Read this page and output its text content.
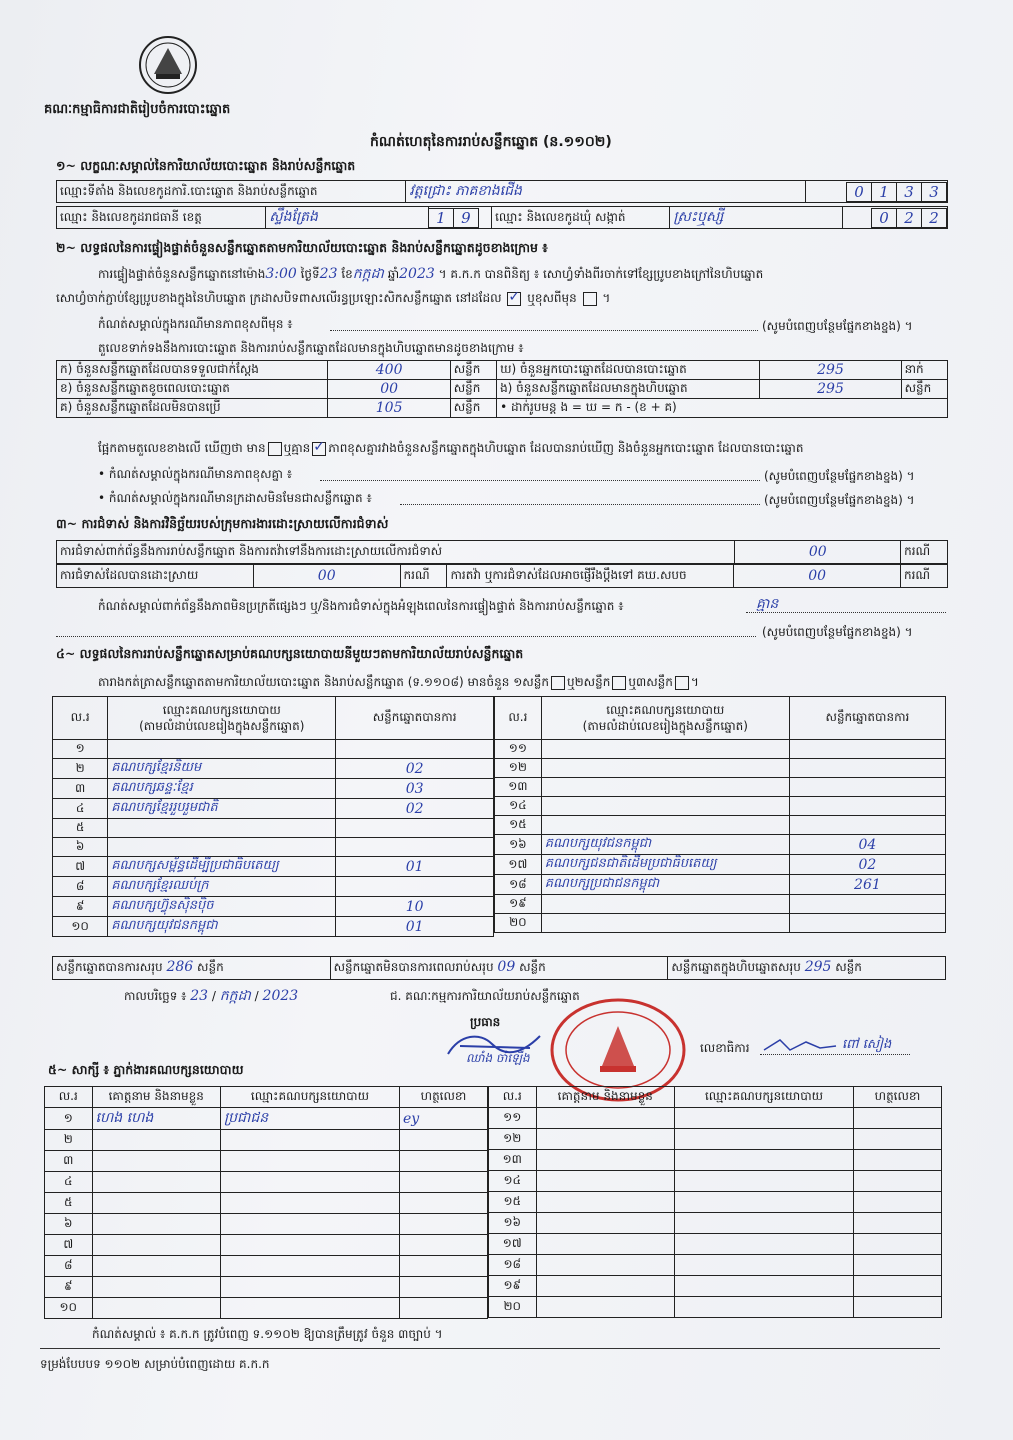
គណៈកម្មាធិការជាតិរៀបចំការបោះឆ្នោត
កំណត់ហេតុនៃការរាប់សន្លឹកឆ្នោត (ន.១១០២)
១~ លក្ខណៈសម្គាល់នៃការិយាល័យបោះឆ្នោត និងរាប់សន្លឹកឆ្នោត
ឈ្មោះទីតាំង និងលេខកូដការិ.បោះឆ្នោត និងរាប់សន្លឹកឆ្នោត	វត្តជ្រោះ ភាគខាងជើង	0 1 3 3
ឈ្មោះ និងលេខកូដរាជធានី ខេត្ត	ស្ទឹងត្រែង	1 9	ឈ្មោះ និងលេខកូដឃុំ សង្កាត់	ស្រះឬស្សី	0 2 2
២~ លទ្ធផលនៃការផ្ទៀងផ្ទាត់ចំនួនសន្លឹកឆ្នោតតាមការិយាល័យបោះឆ្នោត និងរាប់សន្លឹកឆ្នោតដូចខាងក្រោម ៖
ការផ្ទៀងផ្ទាត់ចំនួនសន្លឹកឆ្នោតនៅម៉ោង3:00 ថ្ងៃទី23 ខែកក្កដា ឆ្នាំ2023 ។ គ.ក.ក បានពិនិត្យ ៖ សោហ្វំទាំងពីរចាក់ទៅខ្សែប្រូបខាងក្រៅនៃហិបឆ្នោត
សោហ្វំចាក់ភ្ជាប់ខ្សែប្រូបខាងក្នុងនៃហិបឆ្នោត ក្រដាសបិទពាសលើរន្ធប្រឡោះសិកសន្លឹកឆ្នោត នៅដដែល ✓ ឬខុសពីមុន ។
កំណត់សម្គាល់ក្នុងករណីមានភាពខុសពីមុន ៖	(សូមបំពេញបន្ថែមផ្នែកខាងខ្នង) ។
តួលេខទាក់ទងនឹងការបោះឆ្នោត និងការរាប់សន្លឹកឆ្នោតដែលមានក្នុងហិបឆ្នោតមានដូចខាងក្រោម ៖
ក) ចំនួនសន្លឹកឆ្នោតដែលបានទទួលជាក់ស្តែង	400	សន្លឹក	ឃ) ចំនួនអ្នកបោះឆ្នោតដែលបានបោះឆ្នោត	295	នាក់
ខ) ចំនួនសន្លឹកឆ្នោតខូចពេលបោះឆ្នោត	00	សន្លឹក	ង) ចំនួនសន្លឹកឆ្នោតដែលមានក្នុងហិបឆ្នោត	295	សន្លឹក
គ) ចំនួនសន្លឹកឆ្នោតដែលមិនបានប្រើ	105	សន្លឹក	• ដាក់រូបមន្ត ង = ឃ = ក - (ខ + គ)		
ផ្អែកតាមតួលេខខាងលើ ឃើញថា មាន ឬគ្មាន ✓ ភាពខុសគ្នារវាងចំនួនសន្លឹកឆ្នោតក្នុងហិបឆ្នោត ដែលបានរាប់ឃើញ និងចំនួនអ្នកបោះឆ្នោត ដែលបានបោះឆ្នោត
• កំណត់សម្គាល់ក្នុងករណីមានភាពខុសគ្នា ៖	(សូមបំពេញបន្ថែមផ្នែកខាងខ្នង) ។
• កំណត់សម្គាល់ក្នុងករណីមានក្រដាសមិនមែនជាសន្លឹកឆ្នោត ៖	(សូមបំពេញបន្ថែមផ្នែកខាងខ្នង) ។
៣~ ការជំទាស់ និងការវិនិច្ឆ័យរបស់ក្រុមការងារដោះស្រាយលើការជំទាស់
ការជំទាស់ពាក់ព័ន្ធនឹងការរាប់សន្លឹកឆ្នោត និងការតវ៉ាទៅនឹងការដោះស្រាយលើការជំទាស់	00	ករណី
ការជំទាស់ដែលបានដោះស្រាយ	00	ករណី	ការតវ៉ា ឬការជំទាស់ដែលអាចផ្ញើរឹងប្តឹងទៅ គឃ.សបច	00	ករណី
កំណត់សម្គាល់ពាក់ព័ន្ធនឹងភាពមិនប្រក្រតីផ្សេងៗ ឬ/និងការជំទាស់ក្នុងអំឡុងពេលនៃការផ្ទៀងផ្ទាត់ និងការរាប់សន្លឹកឆ្នោត ៖	គ្មាន
(សូមបំពេញបន្ថែមផ្នែកខាងខ្នង) ។
៤~ លទ្ធផលនៃការរាប់សន្លឹកឆ្នោតសម្រាប់គណបក្សនយោបាយនីមួយៗតាមការិយាល័យរាប់សន្លឹកឆ្នោត
តារាងកត់ត្រាសន្លឹកឆ្នោតតាមការិយាល័យបោះឆ្នោត និងរាប់សន្លឹកឆ្នោត (ទ.១១០៨) មានចំនួន ១សន្លឹក ឬ២សន្លឹក ឬ៣សន្លឹក ។
ល.រ	ឈ្មោះគណបក្សនយោបាយ
(តាមលំដាប់លេខរៀងក្នុងសន្លឹកឆ្នោត)	សន្លឹកឆ្នោតបានការ
១		
២	គណបក្សខ្មែរនិយម	02
៣	គណបក្សឆន្ទៈខ្មែរ	03
៤	គណបក្សខ្មែររួបរួមជាតិ	02
៥		
៦		
៧	គណបក្សសម្ព័ន្ធដើម្បីប្រជាធិបតេយ្យ	01
៨	គណបក្សខ្មែរឈប់ក្រ	
៩	គណបក្សហ៊្វុនស៊ិនប៉ិច	10
១០	គណបក្សយុវជនកម្ពុជា	01
ល.រ	ឈ្មោះគណបក្សនយោបាយ
(តាមលំដាប់លេខរៀងក្នុងសន្លឹកឆ្នោត)	សន្លឹកឆ្នោតបានការ
១១		
១២		
១៣		
១៤		
១៥		
១៦	គណបក្សយុវជនកម្ពុជា	04
១៧	គណបក្សជនជាតិដើមប្រជាធិបតេយ្យ	02
១៨	គណបក្សប្រជាជនកម្ពុជា	261
១៩		
២០		
សន្លឹកឆ្នោតបានការសរុប 286 សន្លឹក	សន្លឹកឆ្នោតមិនបានការពេលរាប់សរុប 09 សន្លឹក	សន្លឹកឆ្នោតក្នុងហិបឆ្នោតសរុប 295 សន្លឹក
កាលបរិច្ឆេទ ៖ 23 / កក្កដា / 2023	ជ. គណៈកម្មការការិយាល័យរាប់សន្លឹកឆ្នោត
ប្រធាន
ឈាំង ចាំឡើង
លេខាធិការ	ពៅ សៀង
៥~ សាក្សី ៖ ភ្នាក់ងារគណបក្សនយោបាយ
ល.រ	គោត្តនាម និងនាមខ្លួន	ឈ្មោះគណបក្សនយោបាយ	ហត្ថលេខា
១	ហេង ហេង	ប្រជាជន	ey
២			
៣			
៤			
៥			
៦			
៧			
៨			
៩			
១០			
ល.រ	គោត្តនាម និងនាមខ្លួន	ឈ្មោះគណបក្សនយោបាយ	ហត្ថលេខា
១១			
១២			
១៣			
១៤			
១៥			
១៦			
១៧			
១៨			
១៩			
២០			
កំណត់សម្គាល់ ៖ គ.ក.ក ត្រូវបំពេញ ទ.១១០២ ឱ្យបានត្រឹមត្រូវ ចំនួន ៣ច្បាប់ ។
ទម្រង់បែបបទ ១១០២ សម្រាប់បំពេញដោយ គ.ក.ក
